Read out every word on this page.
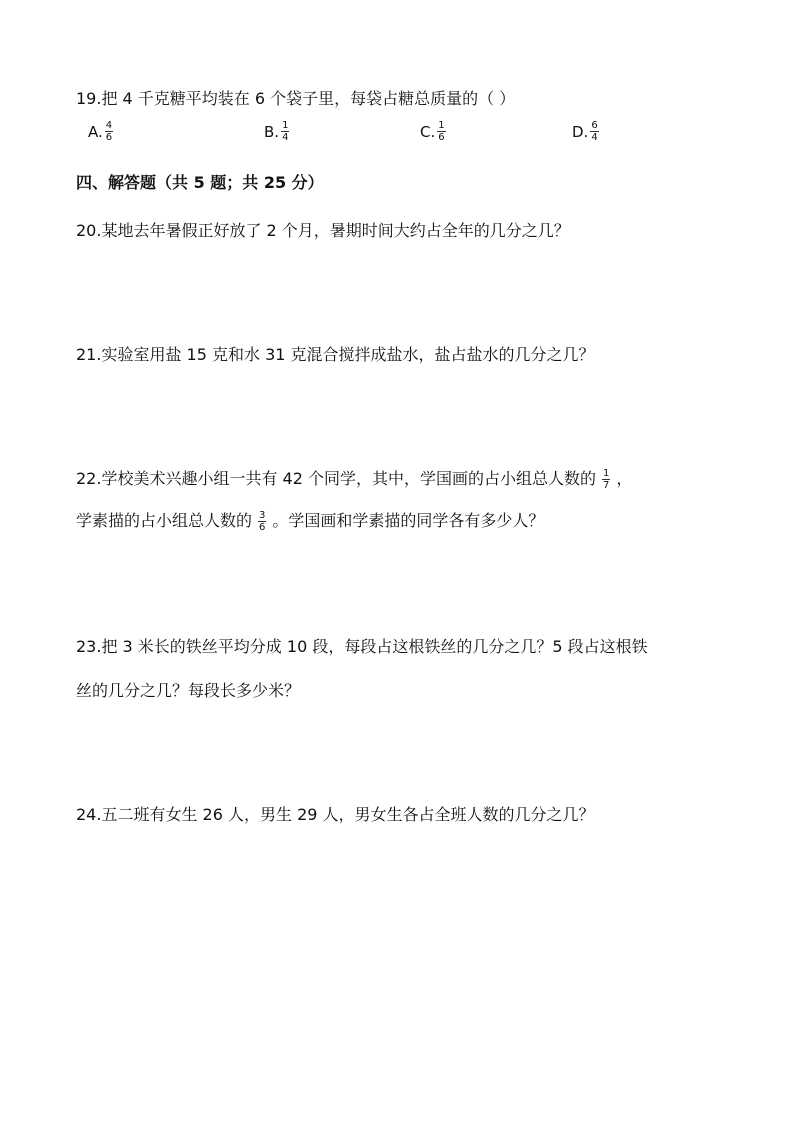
19.把 4 千克糖平均装在 6 个袋子里，每袋占糖总质量的（ ）
A. $\frac{4}{6}$	B. $\frac{1}{4}$	C. $\frac{1}{6}$	D. $\frac{6}{4}$
四、解答题（共 5 题；共 25 分）
20.某地去年暑假正好放了 2 个月，暑期时间大约占全年的几分之几？
21.实验室用盐 15 克和水 31 克混合搅拌成盐水，盐占盐水的几分之几？
22.学校美术兴趣小组一共有 42 个同学，其中，学国画的占小组总人数的 $\frac{1}{7}$ ，
学素描的占小组总人数的 $\frac{3}{6}$ 。学国画和学素描的同学各有多少人？
23.把 3 米长的铁丝平均分成 10 段，每段占这根铁丝的几分之几？5 段占这根铁
丝的几分之几？每段长多少米？
24.五二班有女生 26 人，男生 29 人，男女生各占全班人数的几分之几？
